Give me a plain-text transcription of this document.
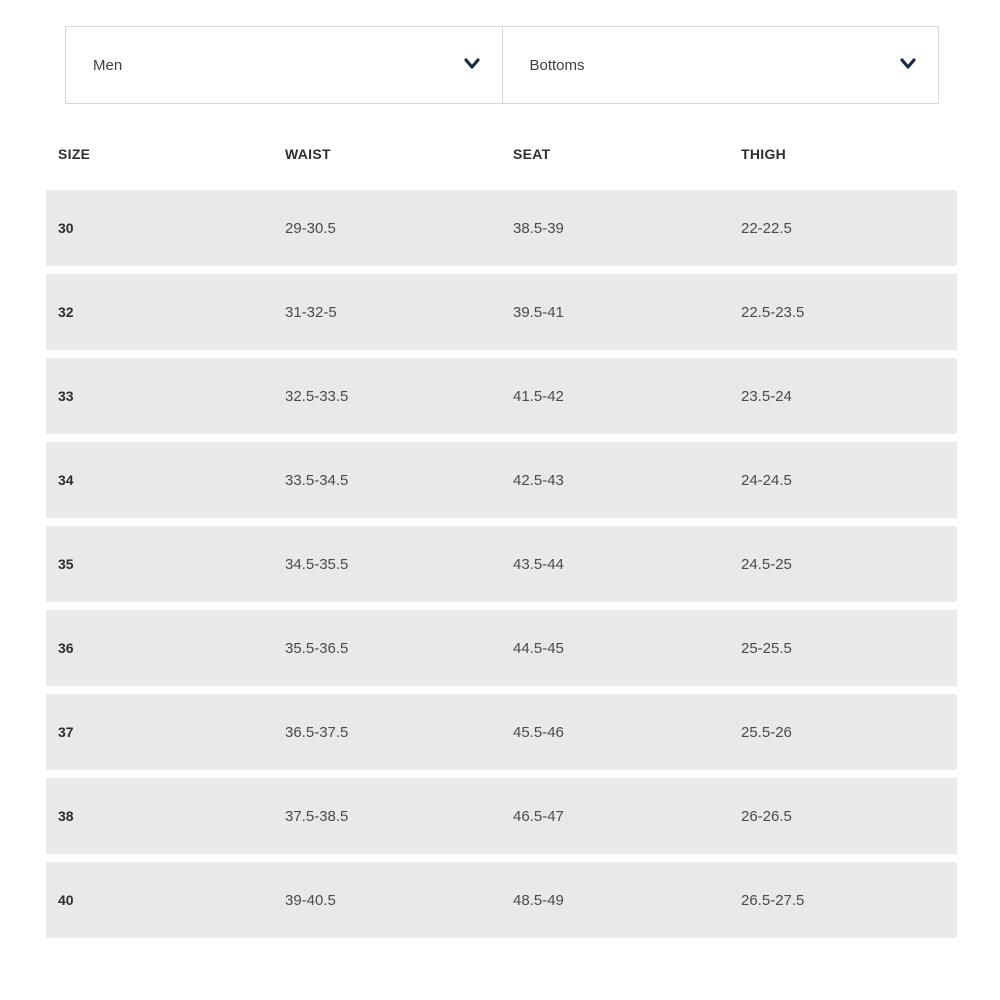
Men	Bottoms
SIZE	WAIST	SEAT	THIGH
30	29-30.5	38.5-39	22-22.5
32	31-32-5	39.5-41	22.5-23.5
33	32.5-33.5	41.5-42	23.5-24
34	33.5-34.5	42.5-43	24-24.5
35	34.5-35.5	43.5-44	24.5-25
36	35.5-36.5	44.5-45	25-25.5
37	36.5-37.5	45.5-46	25.5-26
38	37.5-38.5	46.5-47	26-26.5
40	39-40.5	48.5-49	26.5-27.5
